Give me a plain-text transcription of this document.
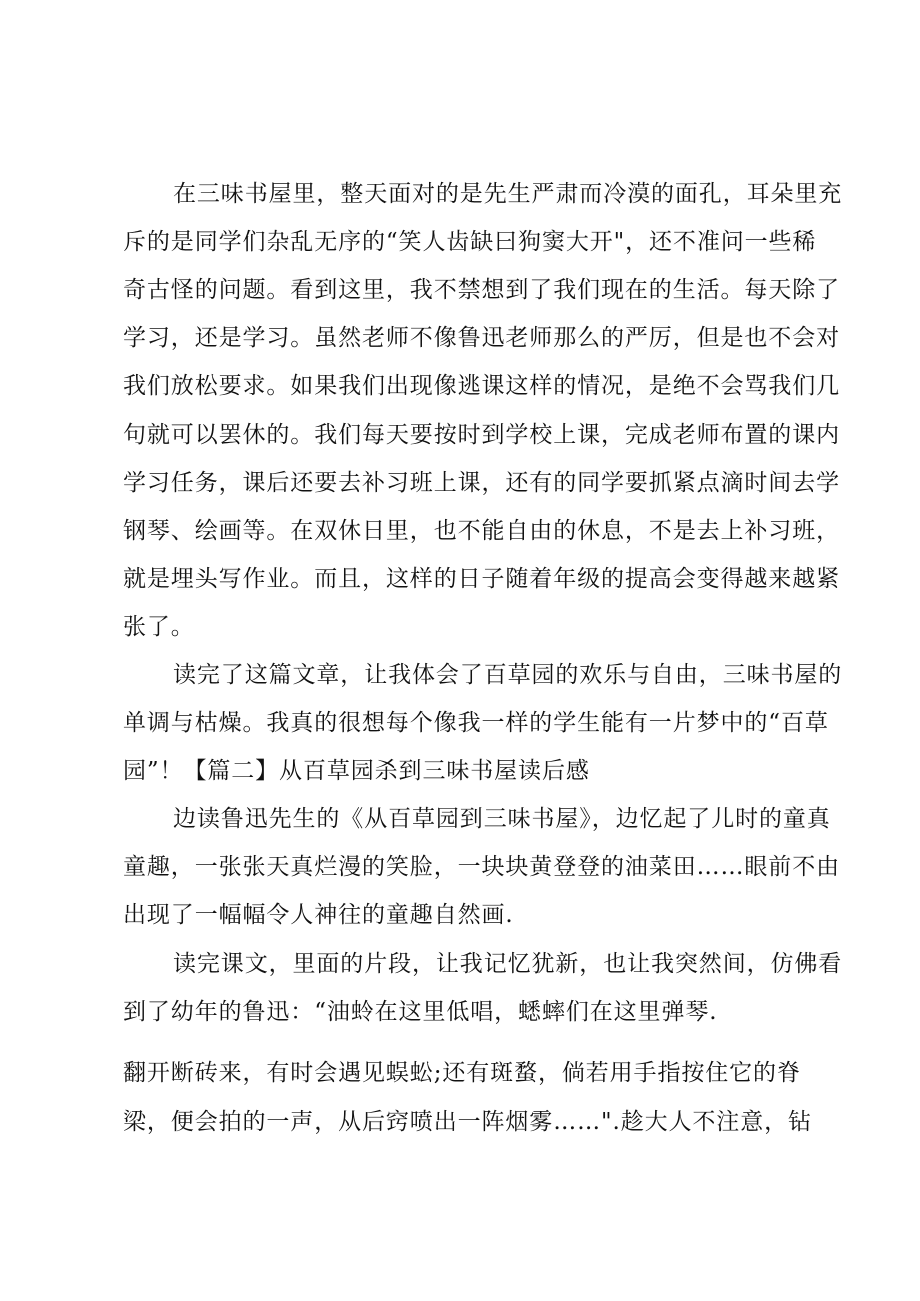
在三味书屋里，整天面对的是先生严肃而冷漠的面孔，耳朵里充
斥的是同学们杂乱无序的“笑人齿缺曰狗窦大开"，还不准问一些稀
奇古怪的问题。看到这里，我不禁想到了我们现在的生活。每天除了
学习，还是学习。虽然老师不像鲁迅老师那么的严厉，但是也不会对
我们放松要求。如果我们出现像逃课这样的情况，是绝不会骂我们几
句就可以罢休的。我们每天要按时到学校上课，完成老师布置的课内
学习任务，课后还要去补习班上课，还有的同学要抓紧点滴时间去学
钢琴、绘画等。在双休日里，也不能自由的休息，不是去上补习班，
就是埋头写作业。而且，这样的日子随着年级的提高会变得越来越紧
张了。
读完了这篇文章，让我体会了百草园的欢乐与自由，三味书屋的
单调与枯燥。我真的很想每个像我一样的学生能有一片梦中的“百草
园”！【篇二】从百草园杀到三味书屋读后感
边读鲁迅先生的《从百草园到三味书屋》，边忆起了儿时的童真
童趣，一张张天真烂漫的笑脸，一块块黄登登的油菜田……眼前不由
出现了一幅幅令人神往的童趣自然画.
读完课文，里面的片段，让我记忆犹新，也让我突然间，仿佛看
到了幼年的鲁迅：“油蛉在这里低唱，蟋蟀们在这里弹琴.
翻开断砖来，有时会遇见蜈蚣;还有斑蝥，倘若用手指按住它的脊
梁，便会拍的一声，从后窍喷出一阵烟雾……".趁大人不注意，钻
